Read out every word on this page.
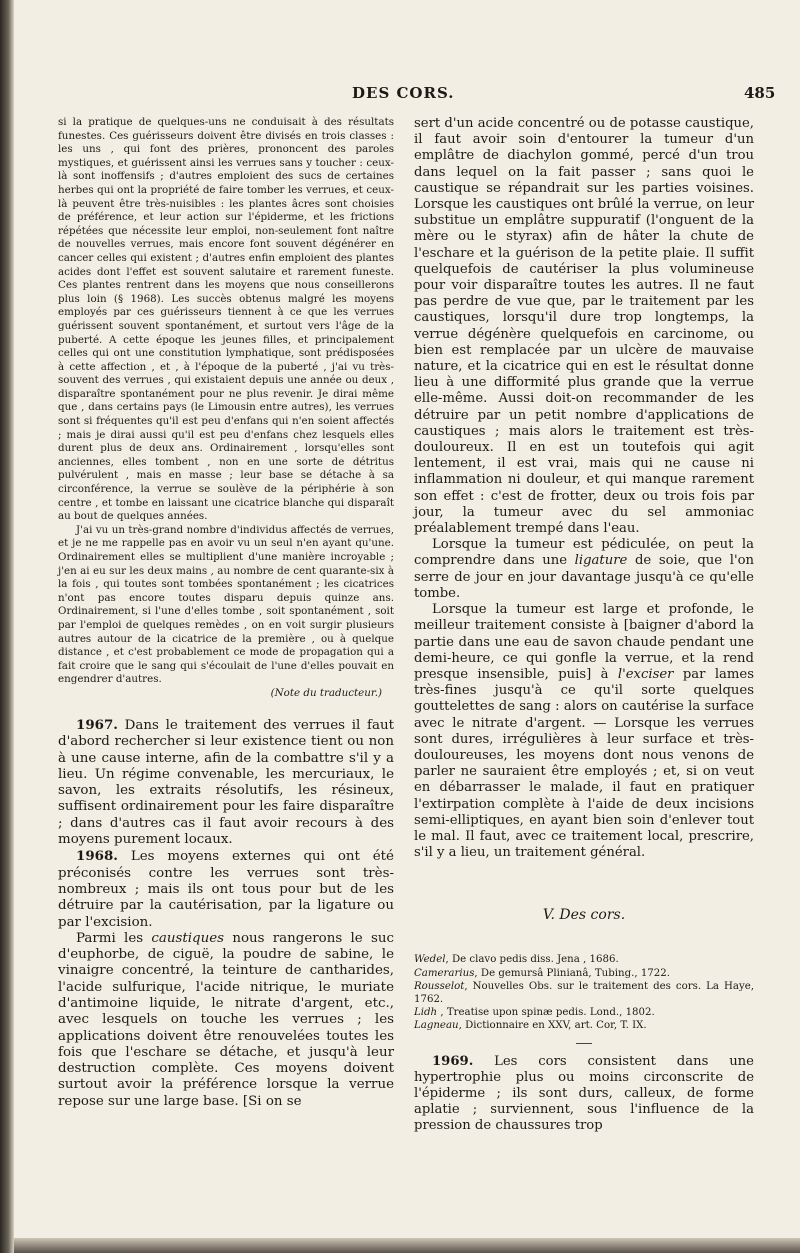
DES CORS.	485

si la pratique de quelques-uns ne conduisait à des résultats funestes. Ces guérisseurs doivent être divisés en trois classes : les uns , qui font des prières, prononcent des paroles mystiques, et guérissent ainsi les verrues sans y toucher : ceux-là sont inoffensifs ; d'autres emploient des sucs de certaines herbes qui ont la propriété de faire tomber les verrues, et ceux-là peuvent être très-nuisibles : les plantes âcres sont choisies de préférence, et leur action sur l'épiderme, et les frictions répétées que nécessite leur emploi, non-seulement font naître de nouvelles verrues, mais encore font souvent dégénérer en cancer celles qui existent ; d'autres enfin emploient des plantes acides dont l'effet est souvent salutaire et rarement funeste. Ces plantes rentrent dans les moyens que nous conseillerons plus loin (§ 1968). Les succès obtenus malgré les moyens employés par ces guérisseurs tiennent à ce que les verrues guérissent souvent spontanément, et surtout vers l'âge de la puberté. A cette époque les jeunes filles, et principalement celles qui ont une constitution lymphatique, sont prédisposées à cette affection , et , à l'époque de la puberté , j'ai vu très-souvent des verrues , qui existaient depuis une année ou deux , disparaître spontanément pour ne plus revenir. Je dirai même que , dans certains pays (le Limousin entre autres), les verrues sont si fréquentes qu'il est peu d'enfans qui n'en soient affectés ; mais je dirai aussi qu'il est peu d'enfans chez lesquels elles durent plus de deux ans. Ordinairement , lorsqu'elles sont anciennes, elles tombent , non en une sorte de détritus pulvérulent , mais en masse ; leur base se détache à sa circonférence, la verrue se soulève de la périphérie à son centre , et tombe en laissant une cicatrice blanche qui disparaît au bout de quelques années.

J'ai vu un très-grand nombre d'individus affectés de verrues, et je ne me rappelle pas en avoir vu un seul n'en ayant qu'une. Ordinairement elles se multiplient d'une manière incroyable ; j'en ai eu sur les deux mains , au nombre de cent quarante-six à la fois , qui toutes sont tombées spontanément ; les cicatrices n'ont pas encore toutes disparu depuis quinze ans. Ordinairement, si l'une d'elles tombe , soit spontanément , soit par l'emploi de quelques remèdes , on en voit surgir plusieurs autres autour de la cicatrice de la première , ou à quelque distance , et c'est probablement ce mode de propagation qui a fait croire que le sang qui s'écoulait de l'une d'elles pouvait en engendrer d'autres.

(Note du traducteur.)

1967. Dans le traitement des verrues il faut d'abord rechercher si leur existence tient ou non à une cause interne, afin de la combattre s'il y a lieu. Un régime convenable, les mercuriaux, le savon, les extraits résolutifs, les résineux, suffisent ordinairement pour les faire disparaître ; dans d'autres cas il faut avoir recours à des moyens purement locaux.

1968. Les moyens externes qui ont été préconisés contre les verrues sont très-nombreux ; mais ils ont tous pour but de les détruire par la cautérisation, par la ligature ou par l'excision.

Parmi les caustiques nous rangerons le suc d'euphorbe, de ciguë, la poudre de sabine, le vinaigre concentré, la teinture de cantharides, l'acide sulfurique, l'acide nitrique, le muriate d'antimoine liquide, le nitrate d'argent, etc., avec lesquels on touche les verrues ; les applications doivent être renouvelées toutes les fois que l'eschare se détache, et jusqu'à leur destruction complète. Ces moyens doivent surtout avoir la préférence lorsque la verrue repose sur une large base. [Si on se

sert d'un acide concentré ou de potasse caustique, il faut avoir soin d'entourer la tumeur d'un emplâtre de diachylon gommé, percé d'un trou dans lequel on la fait passer ; sans quoi le caustique se répandrait sur les parties voisines. Lorsque les caustiques ont brûlé la verrue, on leur substitue un emplâtre suppuratif (l'onguent de la mère ou le styrax) afin de hâter la chute de l'eschare et la guérison de la petite plaie. Il suffit quelquefois de cautériser la plus volumineuse pour voir disparaître toutes les autres. Il ne faut pas perdre de vue que, par le traitement par les caustiques, lorsqu'il dure trop longtemps, la verrue dégénère quelquefois en carcinome, ou bien est remplacée par un ulcère de mauvaise nature, et la cicatrice qui en est le résultat donne lieu à une difformité plus grande que la verrue elle-même. Aussi doit-on recommander de les détruire par un petit nombre d'applications de caustiques ; mais alors le traitement est très-douloureux. Il en est un toutefois qui agit lentement, il est vrai, mais qui ne cause ni inflammation ni douleur, et qui manque rarement son effet : c'est de frotter, deux ou trois fois par jour, la tumeur avec du sel ammoniac préalablement trempé dans l'eau.

Lorsque la tumeur est pédiculée, on peut la comprendre dans une ligature de soie, que l'on serre de jour en jour davantage jusqu'à ce qu'elle tombe.

Lorsque la tumeur est large et profonde, le meilleur traitement consiste à [baigner d'abord la partie dans une eau de savon chaude pendant une demi-heure, ce qui gonfle la verrue, et la rend presque insensible, puis] à l'exciser par lames très-fines jusqu'à ce qu'il sorte quelques gouttelettes de sang : alors on cautérise la surface avec le nitrate d'argent. — Lorsque les verrues sont dures, irrégulières à leur surface et très-douloureuses, les moyens dont nous venons de parler ne sauraient être employés ; et, si on veut en débarrasser le malade, il faut en pratiquer l'extirpation complète à l'aide de deux incisions semi-elliptiques, en ayant bien soin d'enlever tout le mal. Il faut, avec ce traitement local, prescrire, s'il y a lieu, un traitement général.

V. Des cors.

Wedel, De clavo pedis diss. Jena , 1686.

Camerarius, De gemursâ Plinianâ, Tubing., 1722.

Rousselot, Nouvelles Obs. sur le traitement des cors. La Haye, 1762.

Lidh , Treatise upon spinæ pedis. Lond., 1802.

Lagneau, Dictionnaire en XXV, art. Cor, T. IX.

1969. Les cors consistent dans une hypertrophie plus ou moins circonscrite de l'épiderme ; ils sont durs, calleux, de forme aplatie ; surviennent, sous l'influence de la pression de chaussures trop
